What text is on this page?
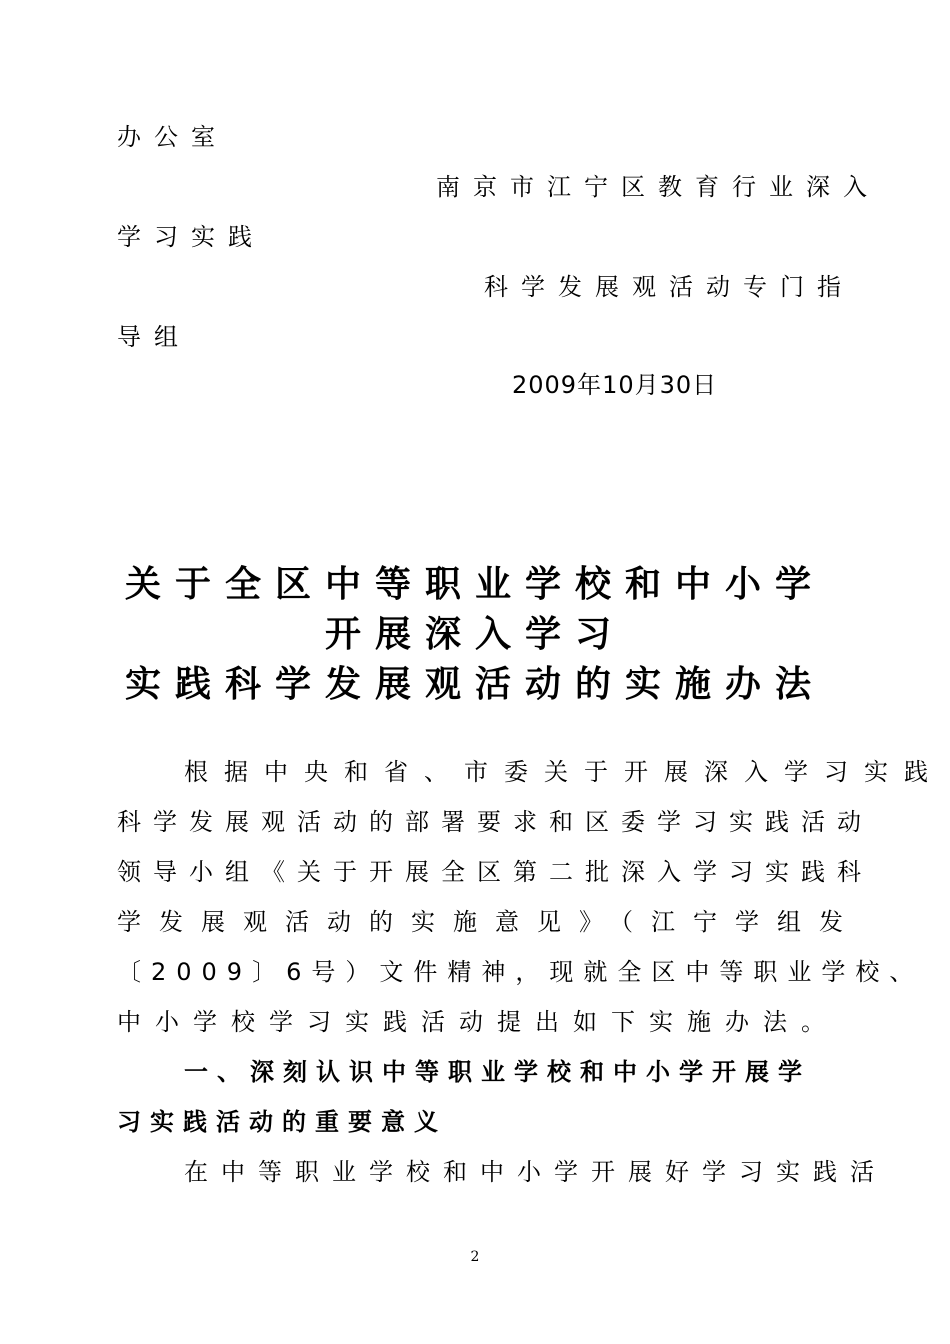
办公室
南京市江宁区教育行业深入
学习实践
科学发展观活动专门指
导组
2009年10月30日
关于全区中等职业学校和中小学
开展深入学习
实践科学发展观活动的实施办法
根据中央和省、市委关于开展深入学习实践
科学发展观活动的部署要求和区委学习实践活动
领导小组《关于开展全区第二批深入学习实践科
学发展观活动的实施意见》（江宁学组发
〔2009〕6号）文件精神，现就全区中等职业学校、
中小学校学习实践活动提出如下实施办法。
一、深刻认识中等职业学校和中小学开展学
习实践活动的重要意义
在中等职业学校和中小学开展好学习实践活
2
